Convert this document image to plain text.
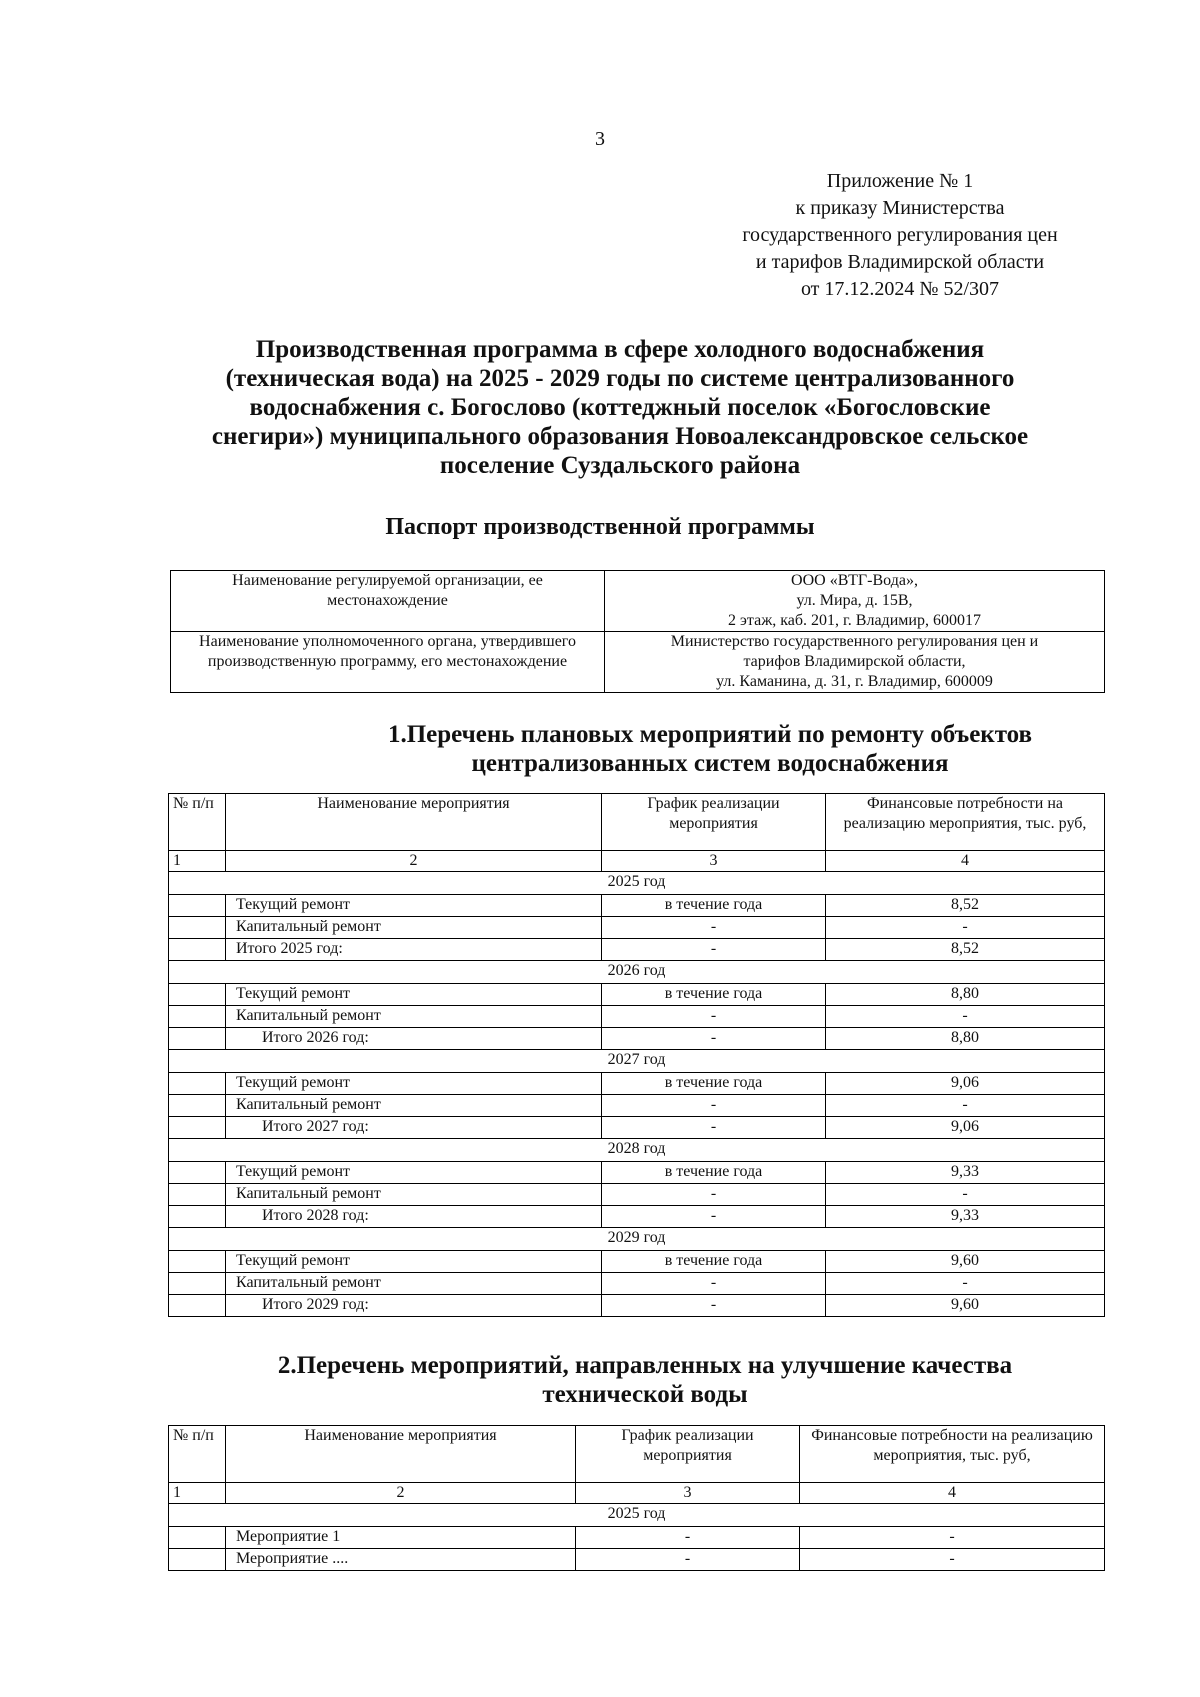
3
Приложение № 1
к приказу Министерства
государственного регулирования цен
и тарифов Владимирской области
от 17.12.2024 № 52/307
Производственная программа в сфере холодного водоснабжения
(техническая вода) на 2025 - 2029 годы по системе централизованного
водоснабжения с. Богослово (коттеджный поселок «Богословские
снегири») муниципального образования Новоалександровское сельское
поселение Суздальского района
Паспорт производственной программы
Наименование регулируемой организации, ее местонахождение	ООО «ВТГ-Вода»,
ул. Мира, д. 15В,
2 этаж, каб. 201, г. Владимир, 600017

Наименование уполномоченного органа, утвердившего производственную программу, его местонахождение	Министерство государственного регулирования цен и
тарифов Владимирской области,
ул. Каманина, д. 31, г. Владимир, 600009
1.Перечень плановых мероприятий по ремонту объектов
централизованных систем водоснабжения
№ п/п	Наименование мероприятия	График реализации мероприятия	Финансовые потребности на реализацию мероприятия, тыс. руб,
1	2	3	4
2025 год			
	Текущий ремонт	в течение года	8,52
	Капитальный ремонт	-	-
	Итого 2025 год:	-	8,52
2026 год			
	Текущий ремонт	в течение года	8,80
	Капитальный ремонт	-	-
	Итого 2026 год:	-	8,80
2027 год			
	Текущий ремонт	в течение года	9,06
	Капитальный ремонт	-	-
	Итого 2027 год:	-	9,06
2028 год			
	Текущий ремонт	в течение года	9,33
	Капитальный ремонт	-	-
	Итого 2028 год:	-	9,33
2029 год			
	Текущий ремонт	в течение года	9,60
	Капитальный ремонт	-	-
	Итого 2029 год:	-	9,60
2.Перечень мероприятий, направленных на улучшение качества
технической воды
№ п/п	Наименование мероприятия	График реализации мероприятия	Финансовые потребности на реализацию мероприятия, тыс. руб,
1	2	3	4
2025 год			
	Мероприятие 1	-	-
	Мероприятие ....	-	-
